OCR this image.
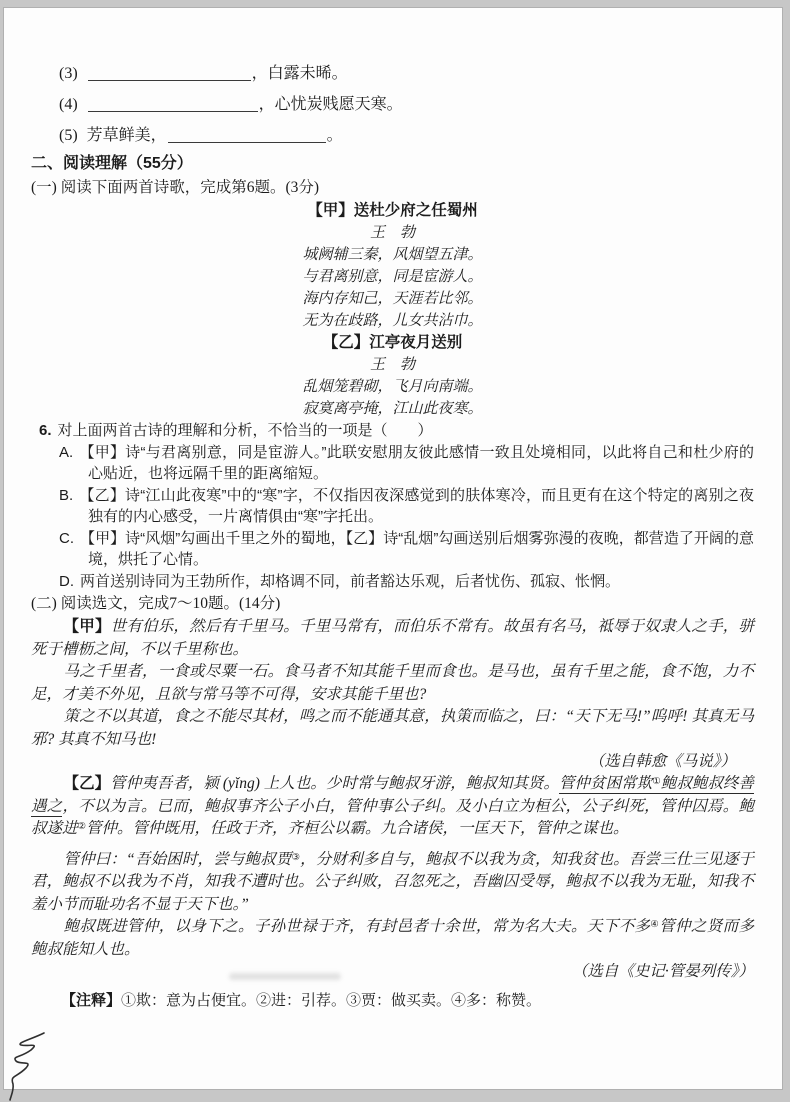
(3)	，白露未晞。
(4)	，心忧炭贱愿天寒。
(5) 芳草鲜美，	。
二、阅读理解（55分）
(一) 阅读下面两首诗歌，完成第6题。(3分)
【甲】送杜少府之任蜀州
王　勃
城阙辅三秦，风烟望五津。
与君离别意，同是宦游人。
海内存知己，天涯若比邻。
无为在歧路，儿女共沾巾。
【乙】江亭夜月送别
王　勃
乱烟笼碧砌，飞月向南端。
寂寞离亭掩，江山此夜寒。
6. 对上面两首古诗的理解和分析，不恰当的一项是（　　）
A. 【甲】诗“与君离别意，同是宦游人。”此联安慰朋友彼此感情一致且处境相同，以此将自己和杜少府的心贴近，也将远隔千里的距离缩短。
B. 【乙】诗“江山此夜寒”中的“寒”字，不仅指因夜深感觉到的肤体寒冷，而且更有在这个特定的离别之夜独有的内心感受，一片离情俱由“寒”字托出。
C. 【甲】诗“风烟”勾画出千里之外的蜀地，【乙】诗“乱烟”勾画送别后烟雾弥漫的夜晚，都营造了开阔的意境，烘托了心情。
D. 两首送别诗同为王勃所作，却格调不同，前者豁达乐观，后者忧伤、孤寂、怅惘。
(二) 阅读选文，完成7～10题。(14分)

【甲】世有伯乐，然后有千里马。千里马常有，而伯乐不常有。故虽有名马，祗辱于奴隶人之手，骈死于槽枥之间，不以千里称也。

马之千里者，一食或尽粟一石。食马者不知其能千里而食也。是马也，虽有千里之能，食不饱，力不足，才美不外见，且欲与常马等不可得，安求其能千里也?

策之不以其道，食之不能尽其材，鸣之而不能通其意，执策而临之，曰：“天下无马!”呜呼! 其真无马邪? 其真不知马也!

（选自韩愈《马说》）

【乙】管仲夷吾者，颍 (yǐng) 上人也。少时常与鲍叔牙游，鲍叔知其贤。管仲贫困常欺①鲍叔鲍叔终善遇之，不以为言。已而，鲍叔事齐公子小白，管仲事公子纠。及小白立为桓公，公子纠死，管仲囚焉。鲍叔遂进②管仲。管仲既用，任政于齐，齐桓公以霸。九合诸侯，一匡天下，管仲之谋也。

管仲曰：“吾始困时，尝与鲍叔贾③，分财利多自与，鲍叔不以我为贪，知我贫也。吾尝三仕三见逐于君，鲍叔不以我为不肖，知我不遭时也。公子纠败，召忽死之，吾幽囚受辱，鲍叔不以我为无耻，知我不羞小节而耻功名不显于天下也。”

鲍叔既进管仲，以身下之。子孙世禄于齐，有封邑者十余世，常为名大夫。天下不多④管仲之贤而多鲍叔能知人也。

（选自《史记·管晏列传》）
【注释】①欺：意为占便宜。②进：引荐。③贾：做买卖。④多：称赞。
